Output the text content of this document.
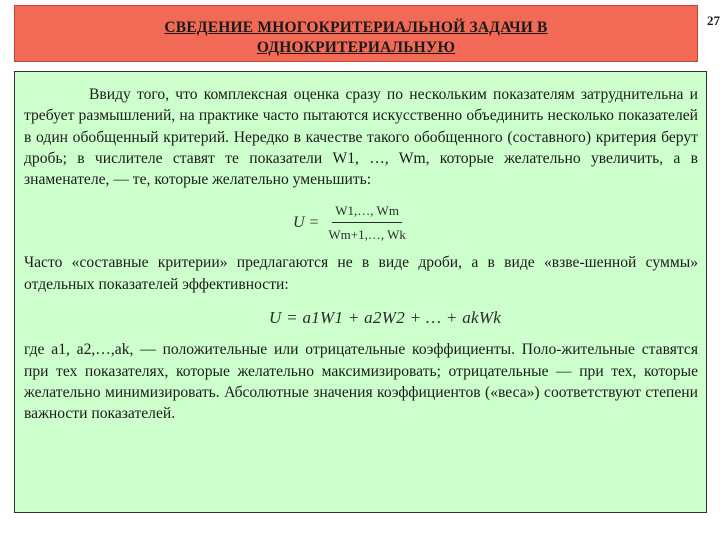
СВЕДЕНИЕ МНОГОКРИТЕРИАЛЬНОЙ ЗАДАЧИ В
ОДНОКРИТЕРИАЛЬНУЮ
27

Ввиду того, что комплексная оценка сразу по нескольким показателям затруднительна и требует размышлений, на практике часто пытаются искусственно объединить несколько показателей в один обобщенный критерий. Нередко в качестве такого обобщенного (составного) критерия берут дробь; в числителе ставят те показатели W1, …, Wm, которые желательно увеличить, а в знаменателе, — те, которые желательно уменьшить:

$U = \frac{W1,\dots, Wm}{Wm+1,\dots, Wk}$

Часто «составные критерии» предлагаются не в виде дроби, а в виде «взве-шенной суммы» отдельных показателей эффективности:

U = a1W1 + a2W2 + … + akWk

где a1, a2,…,ak, — положительные или отрицательные коэффициенты. Поло-жительные ставятся при тех показателях, которые желательно максимизировать; отрицательные — при тех, которые желательно минимизировать. Абсолютные значения коэффициентов («веса») соответствуют степени важности показателей.
